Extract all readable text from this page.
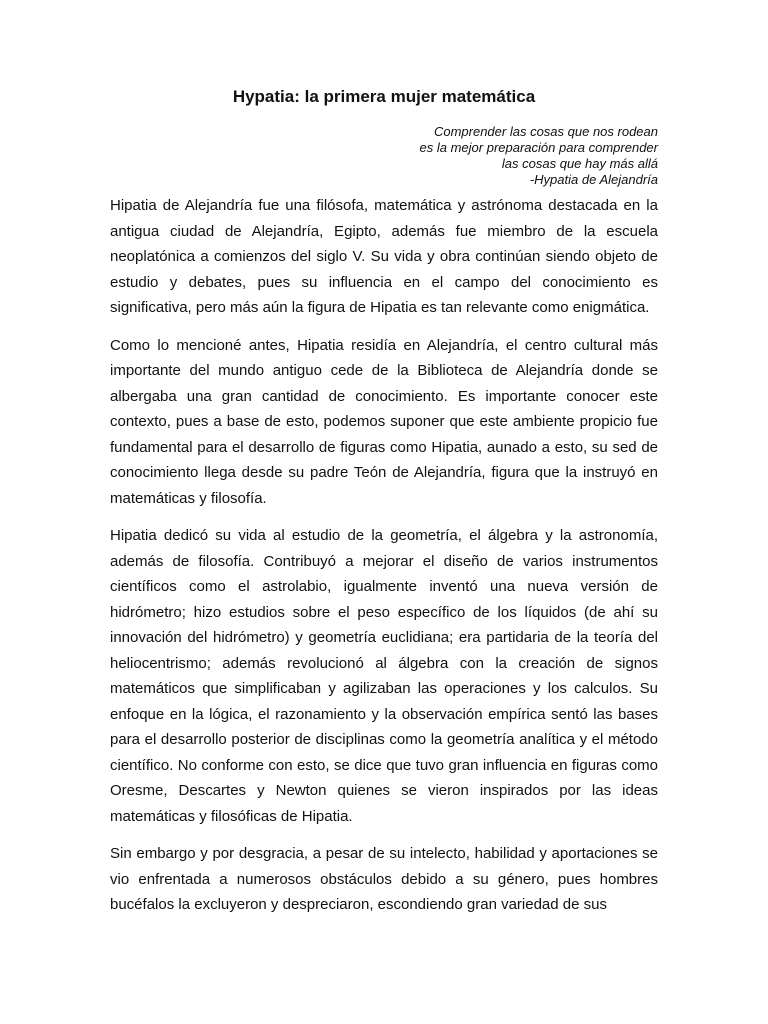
Hypatia: la primera mujer matemática
Comprender las cosas que nos rodean
es la mejor preparación para comprender
las cosas que hay más allá
-Hypatia de Alejandría

Hipatia de Alejandría fue una filósofa, matemática y astrónoma destacada en la antigua ciudad de Alejandría, Egipto, además fue miembro de la escuela neoplatónica a comienzos del siglo V. Su vida y obra continúan siendo objeto de estudio y debates, pues su influencia en el campo del conocimiento es significativa, pero más aún la figura de Hipatia es tan relevante como enigmática.

Como lo mencioné antes, Hipatia residía en Alejandría, el centro cultural más importante del mundo antiguo cede de la Biblioteca de Alejandría donde se albergaba una gran cantidad de conocimiento. Es importante conocer este contexto, pues a base de esto, podemos suponer que este ambiente propicio fue fundamental para el desarrollo de figuras como Hipatia, aunado a esto, su sed de conocimiento llega desde su padre Teón de Alejandría, figura que la instruyó en matemáticas y filosofía.

Hipatia dedicó su vida al estudio de la geometría, el álgebra y la astronomía, además de filosofía. Contribuyó a mejorar el diseño de varios instrumentos científicos como el astrolabio, igualmente inventó una nueva versión de hidrómetro; hizo estudios sobre el peso específico de los líquidos (de ahí su innovación del hidrómetro) y geometría euclidiana; era partidaria de la teoría del heliocentrismo; además revolucionó al álgebra con la creación de signos matemáticos que simplificaban y agilizaban las operaciones y los calculos. Su enfoque en la lógica, el razonamiento y la observación empírica sentó las bases para el desarrollo posterior de disciplinas como la geometría analítica y el método científico. No conforme con esto, se dice que tuvo gran influencia en figuras como Oresme, Descartes y Newton quienes se vieron inspirados por las ideas matemáticas y filosóficas de Hipatia.

Sin embargo y por desgracia, a pesar de su intelecto, habilidad y aportaciones se vio enfrentada a numerosos obstáculos debido a su género, pues hombres bucéfalos la excluyeron y despreciaron, escondiendo gran variedad de sus
